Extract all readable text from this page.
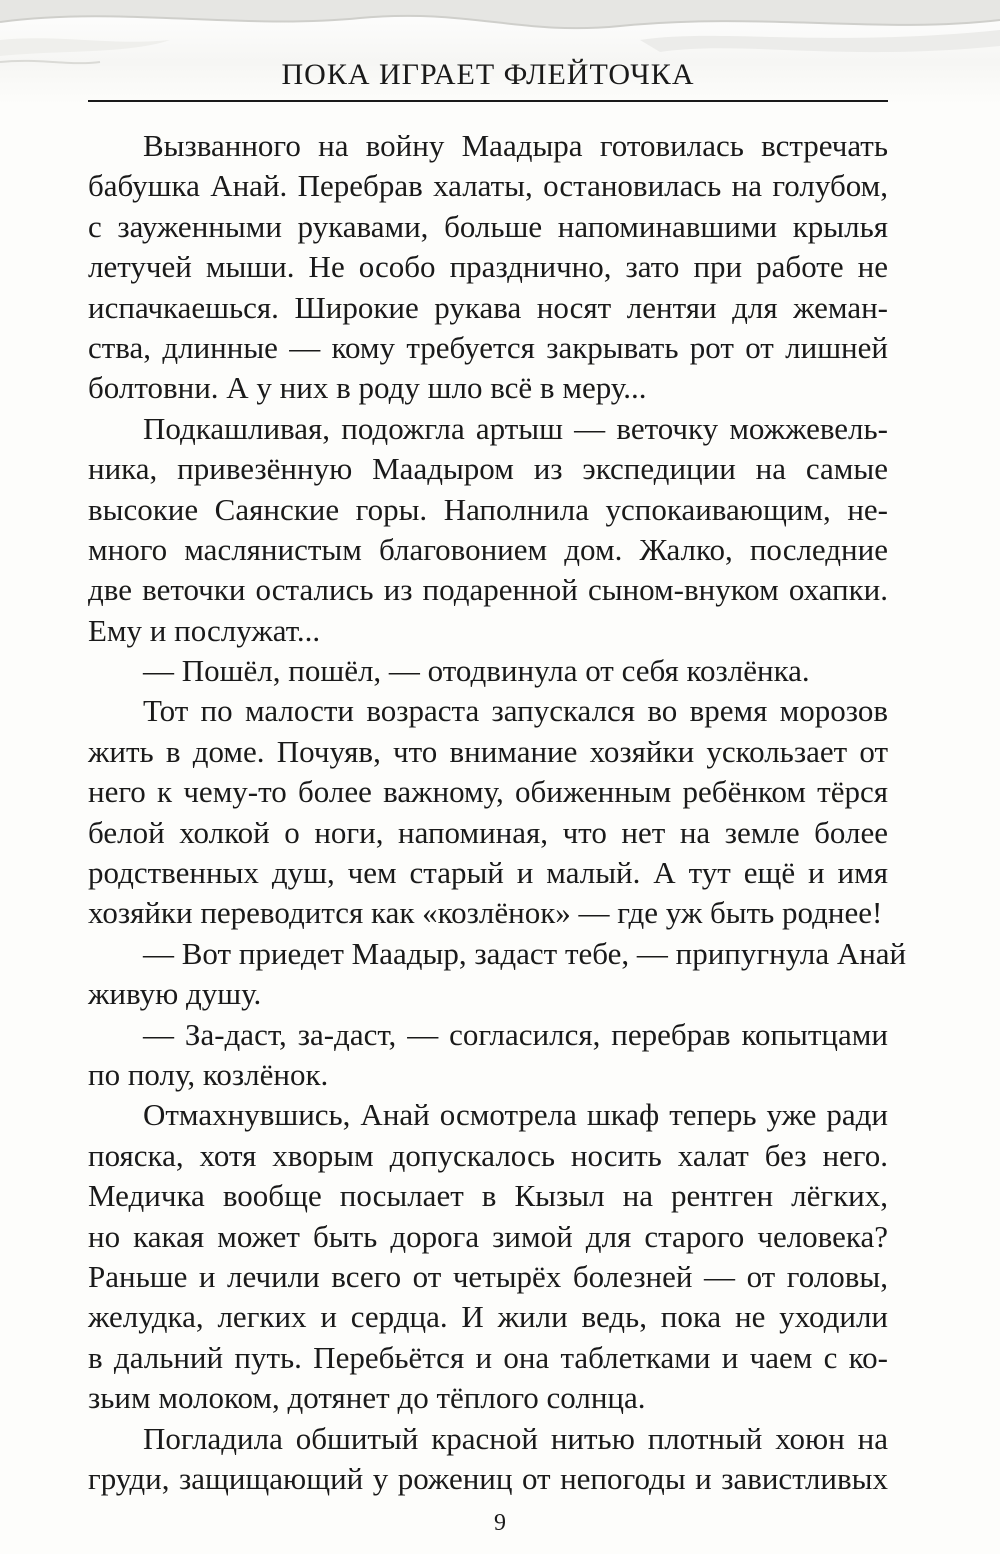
ПОКА ИГРАЕТ ФЛЕЙТОЧКА
Вызванного на войну Маадыра готовилась встречать
бабушка Анай. Перебрав халаты, остановилась на голубом,
с зауженными рукавами, больше напоминавшими крылья
летучей мыши. Не особо празднично, зато при работе не
испачкаешься. Широкие рукава носят лентяи для жеман-
ства, длинные — кому требуется закрывать рот от лишней
болтовни. А у них в роду шло всё в меру...
Подкашливая, подожгла артыш — веточку можжевель-
ника, привезённую Маадыром из экспедиции на самые
высокие Саянские горы. Наполнила успокаивающим, не-
много маслянистым благовонием дом. Жалко, последние
две веточки остались из подаренной сыном-внуком охапки.
Ему и послужат...
— Пошёл, пошёл, — отодвинула от себя козлёнка.
Тот по малости возраста запускался во время морозов
жить в доме. Почуяв, что внимание хозяйки ускользает от
него к чему-то более важному, обиженным ребёнком тёрся
белой холкой о ноги, напоминая, что нет на земле более
родственных душ, чем старый и малый. А тут ещё и имя
хозяйки переводится как «козлёнок» — где уж быть роднее!
— Вот приедет Маадыр, задаст тебе, — припугнула Анай
живую душу.
— За-даст, за-даст, — согласился, перебрав копытцами
по полу, козлёнок.
Отмахнувшись, Анай осмотрела шкаф теперь уже ради
пояска, хотя хворым допускалось носить халат без него.
Медичка вообще посылает в Кызыл на рентген лёгких,
но какая может быть дорога зимой для старого человека?
Раньше и лечили всего от четырёх болезней — от головы,
желудка, легких и сердца. И жили ведь, пока не уходили
в дальний путь. Перебьётся и она таблетками и чаем с ко-
зьим молоком, дотянет до тёплого солнца.
Погладила обшитый красной нитью плотный хоюн на
груди, защищающий у рожениц от непогоды и завистливых
9
